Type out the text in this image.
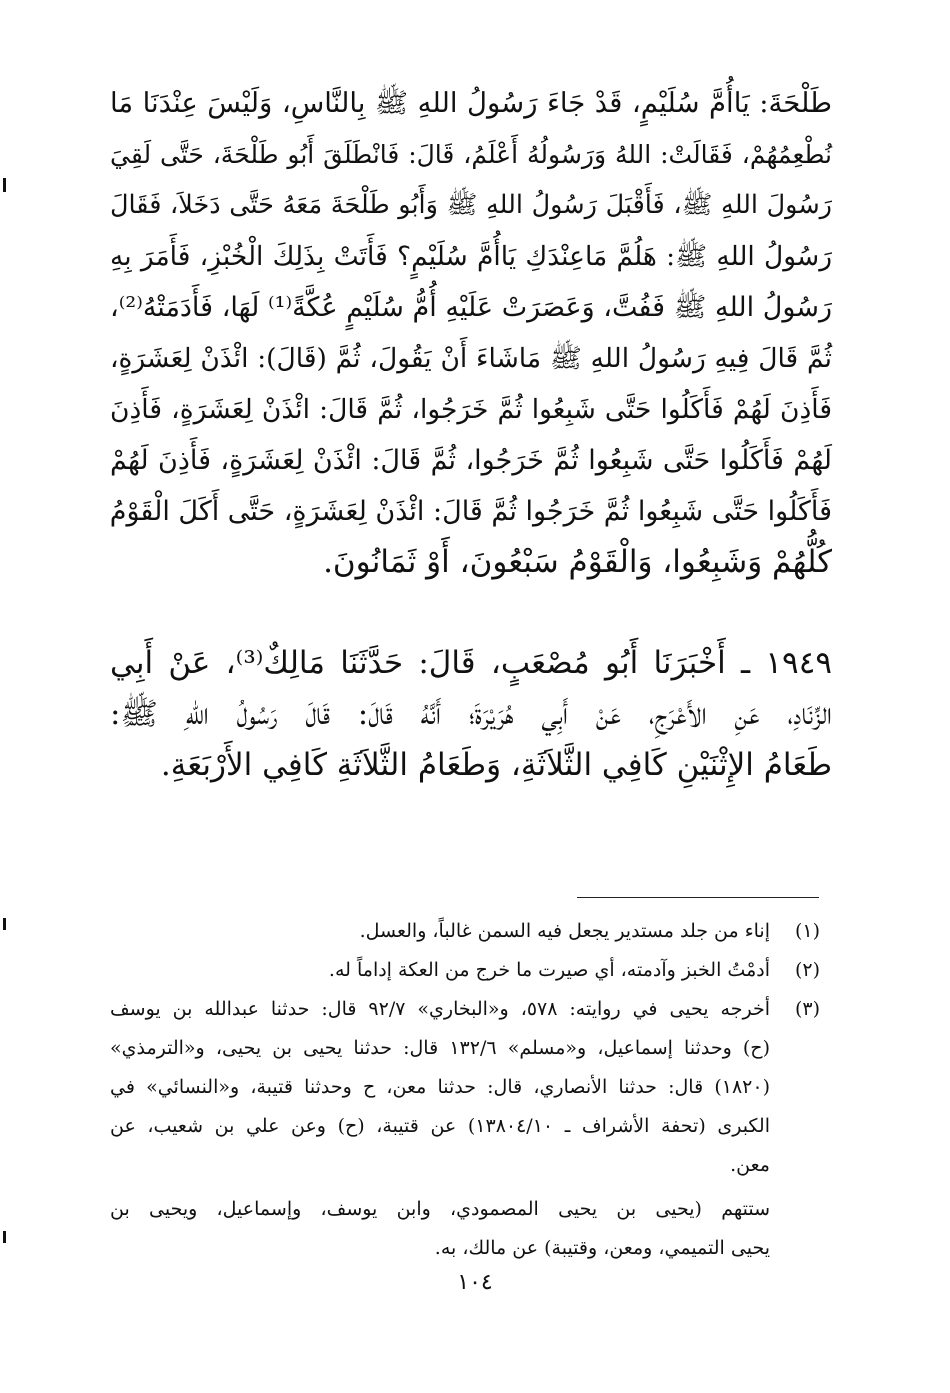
طَلْحَةَ: يَاأُمَّ سُلَيْمٍ، قَدْ جَاءَ رَسُولُ اللهِ ﷺ بِالنَّاسِ، وَلَيْسَ عِنْدَنَا مَا
نُطْعِمُهُمْ، فَقَالَتْ: اللهُ وَرَسُولُهُ أَعْلَمُ، قَالَ: فَانْطَلَقَ أَبُو طَلْحَةَ، حَتَّى لَقِيَ
رَسُولَ اللهِ ﷺ، فَأَقْبَلَ رَسُولُ اللهِ ﷺ وَأَبُو طَلْحَةَ مَعَهُ حَتَّى دَخَلاَ، فَقَالَ
رَسُولُ اللهِ ﷺ: هَلُمَّ مَاعِنْدَكِ يَاأُمَّ سُلَيْمٍ؟ فَأَتَتْ بِذَلِكَ الْخُبْزِ، فَأَمَرَ بِهِ
رَسُولُ اللهِ ﷺ فَفُتَّ، وَعَصَرَتْ عَلَيْهِ أُمُّ سُلَيْمٍ عُكَّةً⁽¹⁾ لَهَا، فَأَدَمَتْهُ⁽²⁾،
ثُمَّ قَالَ فِيهِ رَسُولُ اللهِ ﷺ مَاشَاءَ أَنْ يَقُولَ، ثُمَّ (قَالَ): ائْذَنْ لِعَشَرَةٍ،
فَأَذِنَ لَهُمْ فَأَكَلُوا حَتَّى شَبِعُوا ثُمَّ خَرَجُوا، ثُمَّ قَالَ: ائْذَنْ لِعَشَرَةٍ، فَأَذِنَ
لَهُمْ فَأَكَلُوا حَتَّى شَبِعُوا ثُمَّ خَرَجُوا، ثُمَّ قَالَ: ائْذَنْ لِعَشَرَةٍ، فَأَذِنَ لَهُمْ
فَأَكَلُوا حَتَّى شَبِعُوا ثُمَّ خَرَجُوا ثُمَّ قَالَ: ائْذَنْ لِعَشَرَةٍ، حَتَّى أَكَلَ الْقَوْمُ
كُلُّهُمْ وَشَبِعُوا، وَالْقَوْمُ سَبْعُونَ، أَوْ ثَمَانُونَ.
١٩٤٩ ـ أَخْبَرَنَا أَبُو مُصْعَبٍ، قَالَ: حَدَّثَنَا مَالِكٌ⁽³⁾، عَنْ أَبِي
الزِّنَادِ، عَنِ الأَعْرَجِ، عَنْ أَبِي هُرَيْرَةَ؛ أَنَّهُ قَالَ: قَالَ رَسُولُ اللهِ ﷺ:
طَعَامُ الإِثْنَيْنِ كَافِي الثَّلاَثَةِ، وَطَعَامُ الثَّلاَثَةِ كَافِي الأَرْبَعَةِ.
(١)
إناء من جلد مستدير يجعل فيه السمن غالباً، والعسل.
(٢)
أدمْتُ الخبز وآدمته، أي صيرت ما خرج من العكة إداماً له.
(٣)
أخرجه يحيى في روايته: ٥٧٨، و«البخاري» ٩٢/٧ قال: حدثنا عبدالله بن يوسف
(ح) وحدثنا إسماعيل، و«مسلم» ١٣٢/٦ قال: حدثنا يحيى بن يحيى، و«الترمذي»
(١٨٢٠) قال: حدثنا الأنصاري، قال: حدثنا معن، ح وحدثنا قتيبة، و«النسائي» في
الكبرى (تحفة الأشراف ـ ١٣٨٠٤/١٠) عن قتيبة، (ح) وعن علي بن شعيب، عن
معن.
ستتهم (يحيى بن يحيى المصمودي، وابن يوسف، وإسماعيل، ويحيى بن
يحيى التميمي، ومعن، وقتيبة) عن مالك، به.
١٠٤
